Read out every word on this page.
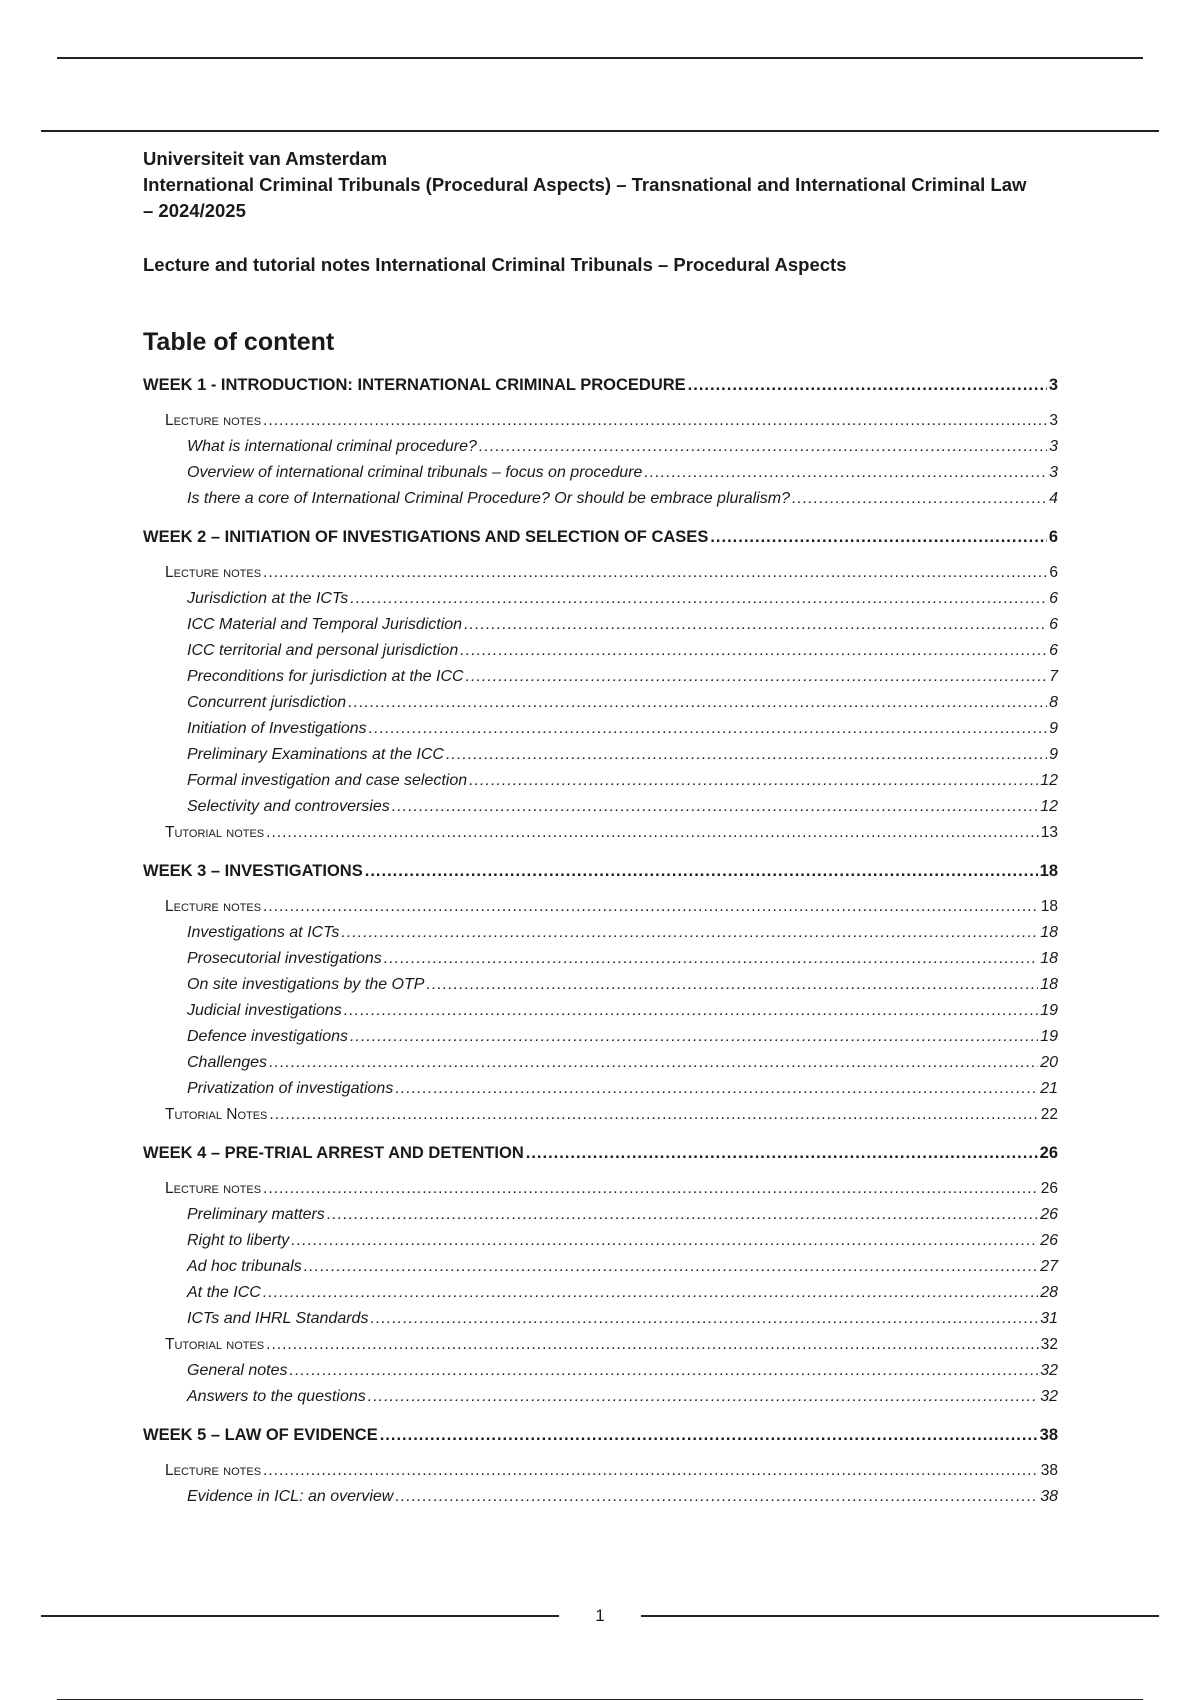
Universiteit van Amsterdam
International Criminal Tribunals (Procedural Aspects) – Transnational and International Criminal Law
– 2024/2025
Lecture and tutorial notes International Criminal Tribunals – Procedural Aspects
Table of content
WEEK 1 - INTRODUCTION: INTERNATIONAL CRIMINAL PROCEDURE .....	3
Lecture notes .....	3
What is international criminal procedure? .....	3
Overview of international criminal tribunals – focus on procedure .....	3
Is there a core of International Criminal Procedure? Or should be embrace pluralism? .....	4
WEEK 2 – INITIATION OF INVESTIGATIONS AND SELECTION OF CASES .....	6
Lecture notes .....	6
Jurisdiction at the ICTs .....	6
ICC Material and Temporal Jurisdiction .....	6
ICC territorial and personal jurisdiction .....	6
Preconditions for jurisdiction at the ICC .....	7
Concurrent jurisdiction .....	8
Initiation of Investigations .....	9
Preliminary Examinations at the ICC .....	9
Formal investigation and case selection .....	12
Selectivity and controversies .....	12
Tutorial notes .....	13
WEEK 3 – INVESTIGATIONS .....	18
Lecture notes .....	18
Investigations at ICTs .....	18
Prosecutorial investigations .....	18
On site investigations by the OTP .....	18
Judicial investigations .....	19
Defence investigations .....	19
Challenges .....	20
Privatization of investigations .....	21
Tutorial Notes .....	22
WEEK 4 – PRE-TRIAL ARREST AND DETENTION .....	26
Lecture notes .....	26
Preliminary matters .....	26
Right to liberty .....	26
Ad hoc tribunals .....	27
At the ICC .....	28
ICTs and IHRL Standards .....	31
Tutorial notes .....	32
General notes .....	32
Answers to the questions .....	32
WEEK 5 – LAW OF EVIDENCE .....	38
Lecture notes .....	38
Evidence in ICL: an overview .....	38
1
